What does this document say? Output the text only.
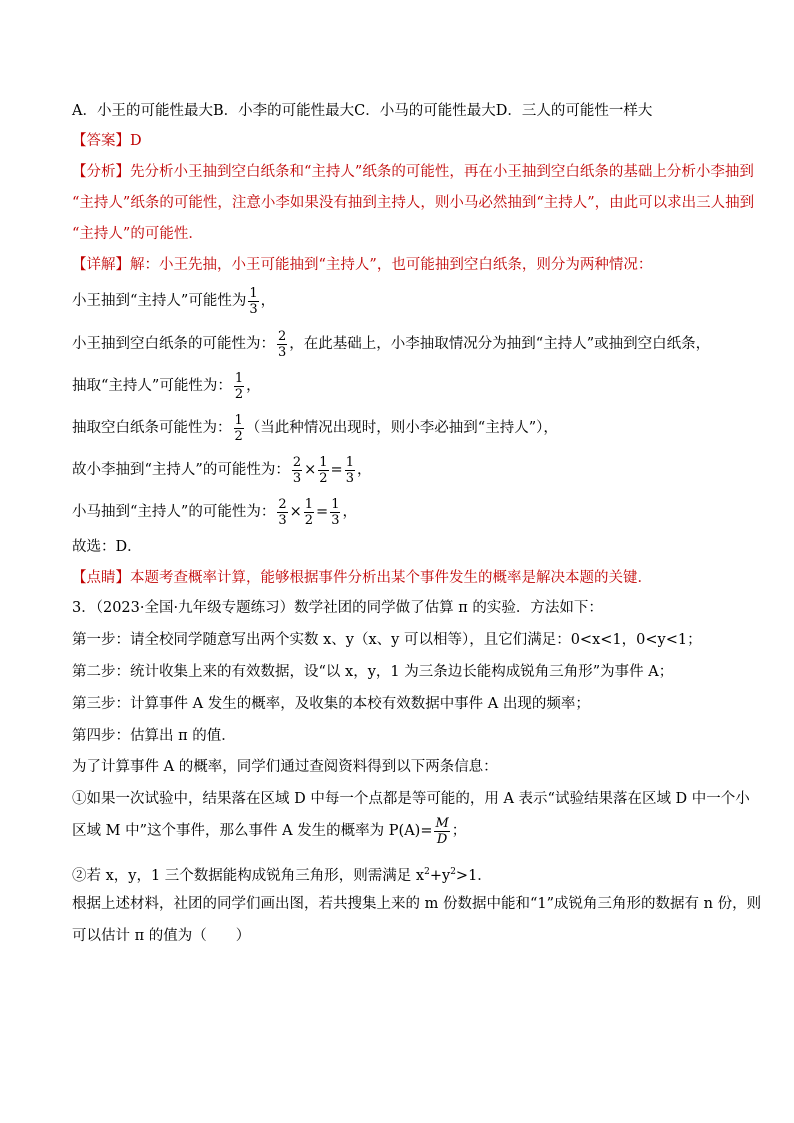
A．小王的可能性最大B．小李的可能性最大C．小马的可能性最大D．三人的可能性一样大
【答案】D
【分析】先分析小王抽到空白纸条和“主持人”纸条的可能性，再在小王抽到空白纸条的基础上分析小李抽到
“主持人”纸条的可能性，注意小李如果没有抽到主持人，则小马必然抽到“主持人”，由此可以求出三人抽到
“主持人”的可能性．
【详解】解：小王先抽，小王可能抽到“主持人”，也可能抽到空白纸条，则分为两种情况：
小王抽到“主持人”可能性为 $\frac{1}{3}$ ，
小王抽到空白纸条的可能性为： $\frac{2}{3}$ ，在此基础上，小李抽取情况分为抽到“主持人”或抽到空白纸条，
抽取“主持人”可能性为： $\frac{1}{2}$ ，
抽取空白纸条可能性为： $\frac{1}{2}$ （当此种情况出现时，则小李必抽到“主持人”），
故小李抽到“主持人”的可能性为： $\frac{2}{3} \times \frac{1}{2} = \frac{1}{3}$ ，
小马抽到“主持人”的可能性为： $\frac{2}{3} \times \frac{1}{2} = \frac{1}{3}$ ，
故选：D．
【点睛】本题考查概率计算，能够根据事件分析出某个事件发生的概率是解决本题的关键．
3．（2023·全国·九年级专题练习）数学社团的同学做了估算 π 的实验．方法如下：
第一步：请全校同学随意写出两个实数 x、y（x、y 可以相等），且它们满足：0<x<1，0<y<1；
第二步：统计收集上来的有效数据，设“以 x，y，1 为三条边长能构成锐角三角形”为事件 A；
第三步：计算事件 A 发生的概率，及收集的本校有效数据中事件 A 出现的频率；
第四步：估算出 π 的值．
为了计算事件 A 的概率，同学们通过查阅资料得到以下两条信息：
①如果一次试验中，结果落在区域 D 中每一个点都是等可能的，用 A 表示“试验结果落在区域 D 中一个小
区域 M 中”这个事件，那么事件 A 发生的概率为 $P(A)= \frac{M}{D}$ ；
②若 x，y，1 三个数据能构成锐角三角形，则需满足 $x^2+y^2>1$．
根据上述材料，社团的同学们画出图，若共搜集上来的 m 份数据中能和“1”成锐角三角形的数据有 n 份，则
可以估计 π 的值为（　　）
